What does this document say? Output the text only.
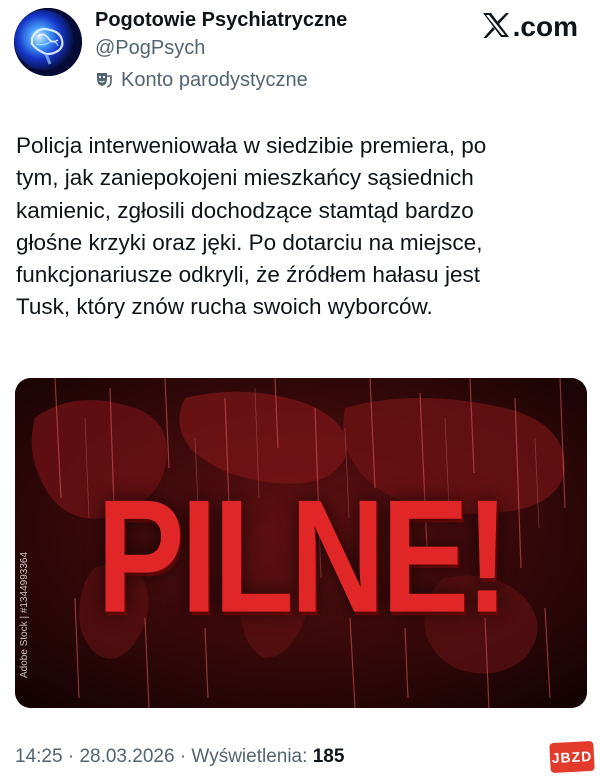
Pogotowie Psychiatryczne
@PogPsych
Konto parodystyczne
.com
Policja interweniowała w siedzibie premiera, po
tym, jak zaniepokojeni mieszkańcy sąsiednich
kamienic, zgłosili dochodzące stamtąd bardzo
głośne krzyki oraz jęki. Po dotarciu na miejsce,
funkcjonariusze odkryli, że źródłem hałasu jest
Tusk, który znów rucha swoich wyborców.
PILNE!
Adobe Stock | #1344993364
14:25 · 28.03.2026 · Wyświetlenia: 185	JBZD
